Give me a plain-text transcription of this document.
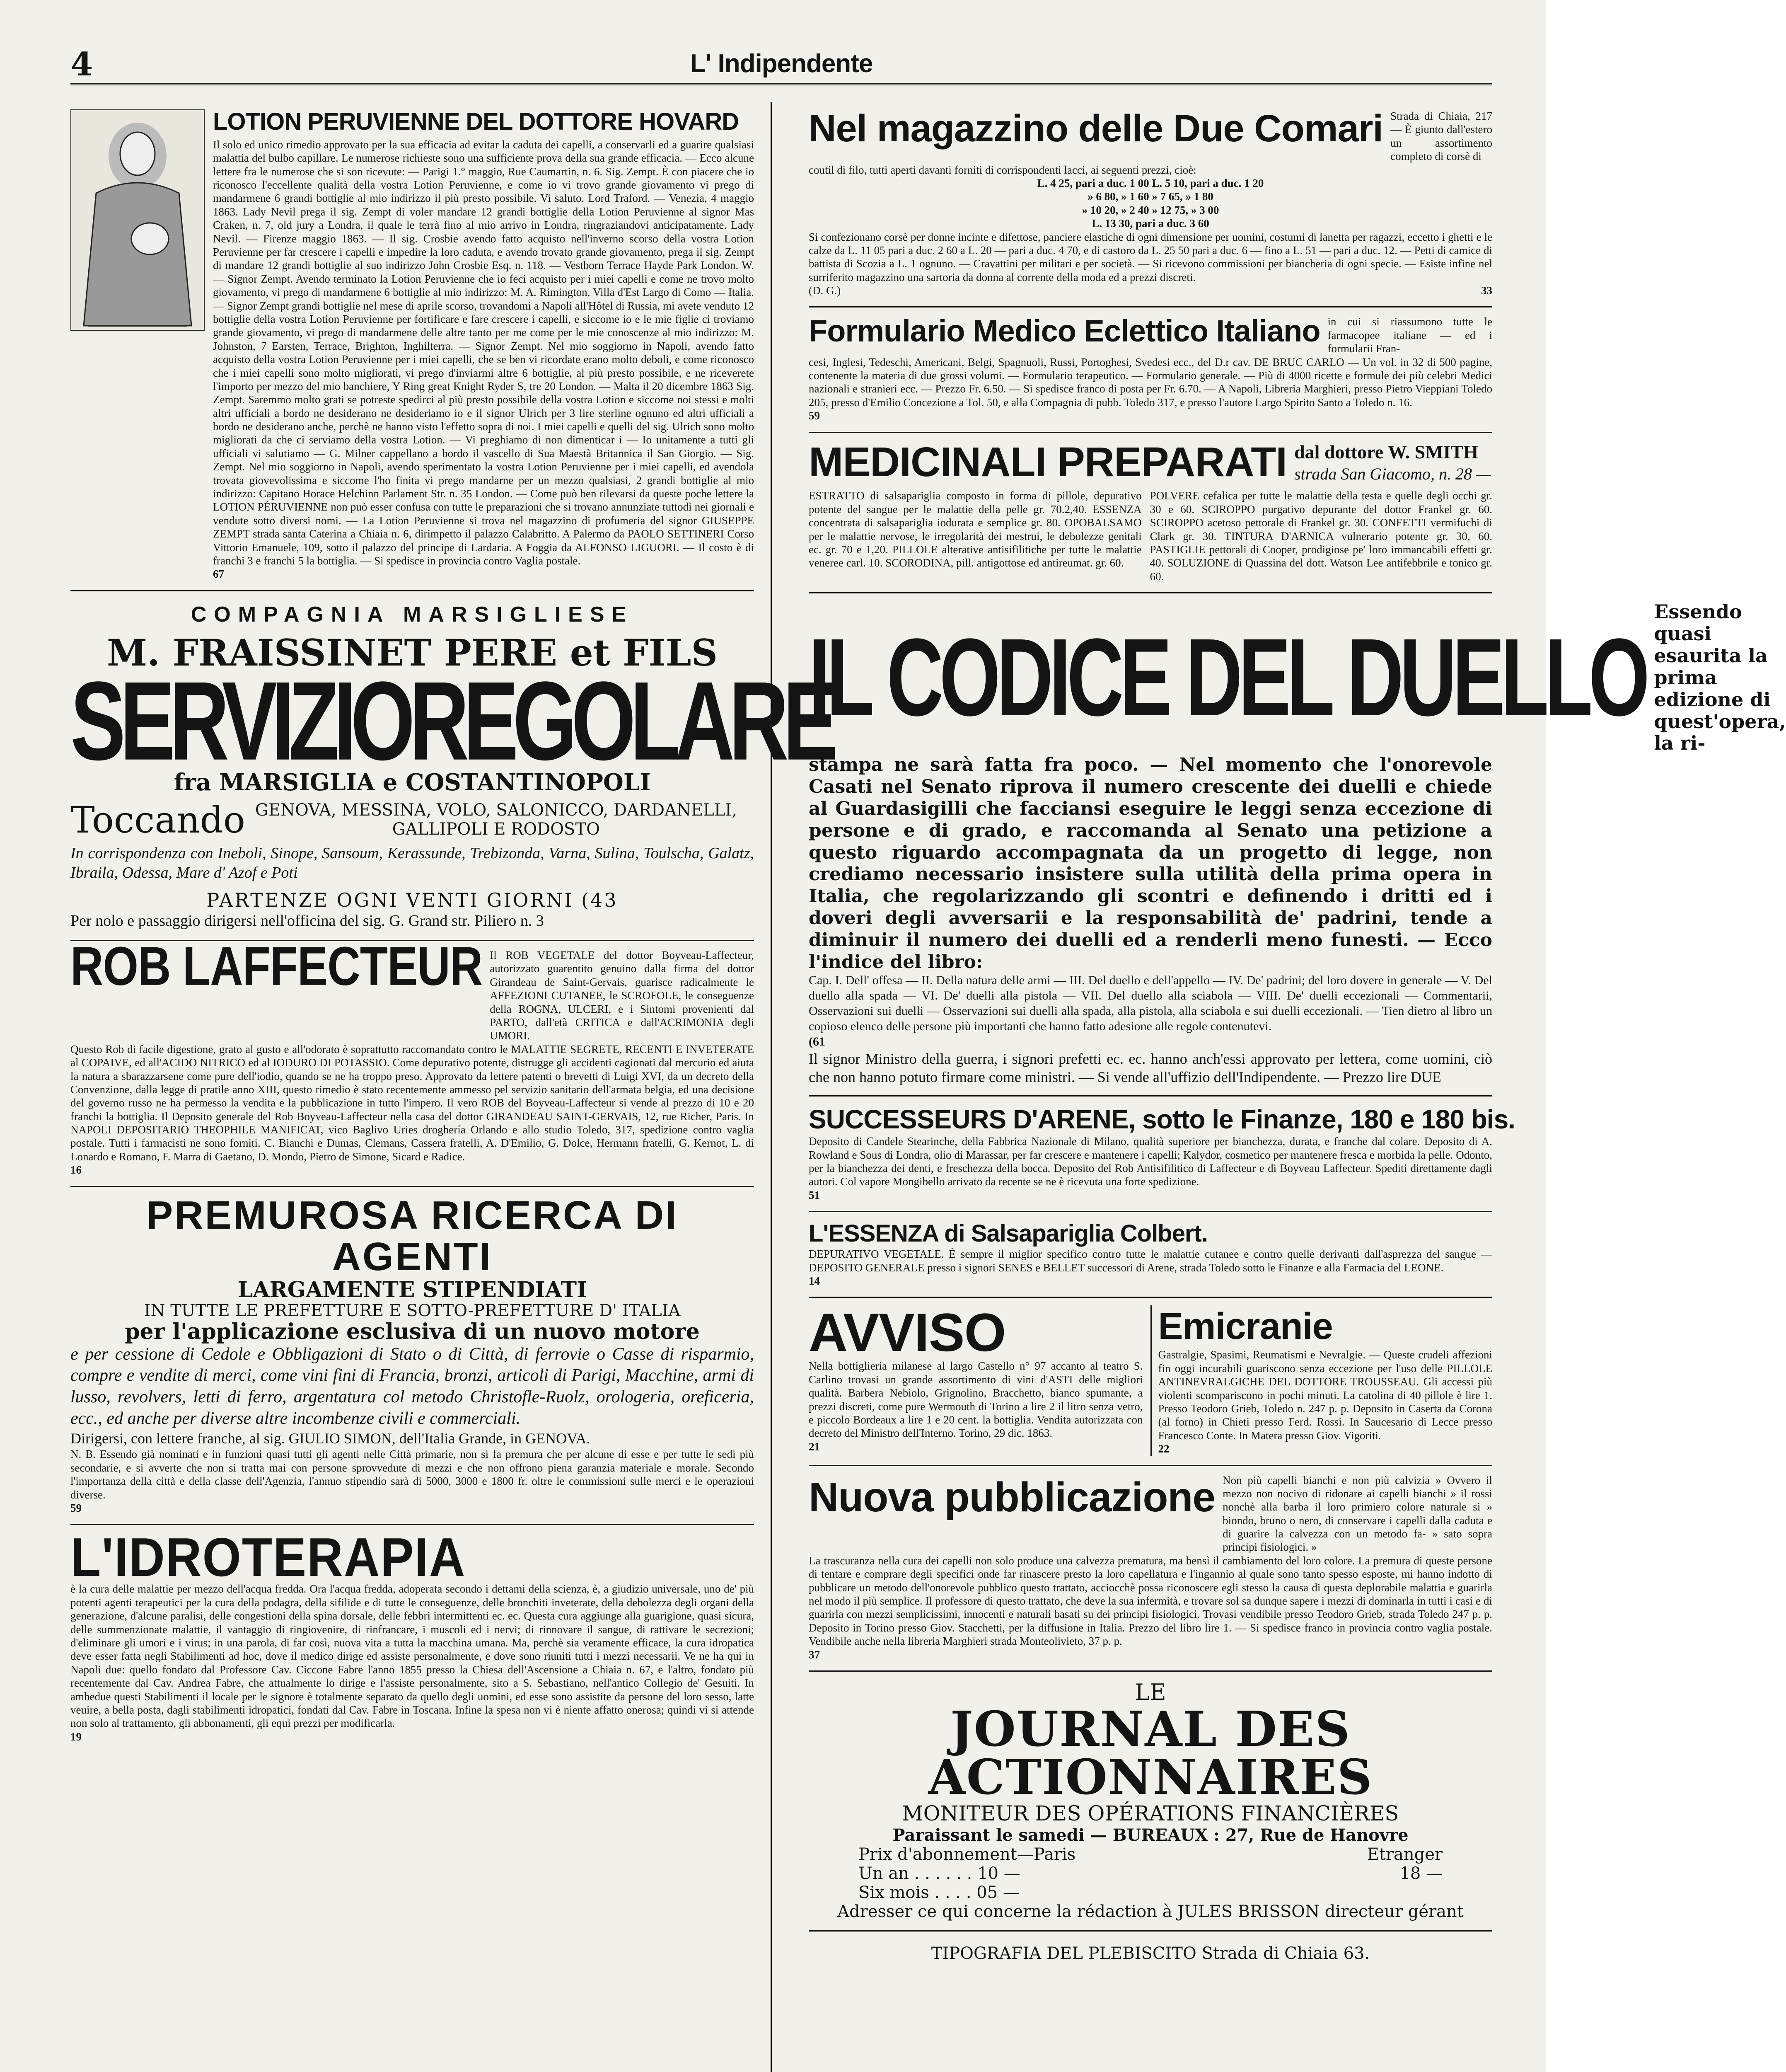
4	L' Indipendente
LOTION PERUVIENNE DEL DOTTORE HOVARD

Il solo ed unico rimedio approvato per la sua efficacia ad evitar la caduta dei capelli, a conservarli ed a guarire qualsiasi malattia del bulbo capillare. Le numerose richieste sono una sufficiente prova della sua grande efficacia. — Ecco alcune lettere fra le numerose che si son ricevute: — Parigi 1.° maggio, Rue Caumartin, n. 6. Sig. Zempt. È con piacere che io riconosco l'eccellente qualità della vostra Lotion Peruvienne, e come io vi trovo grande giovamento vi prego di mandarmene 6 grandi bottiglie al mio indirizzo il più presto possibile. Vi saluto. Lord Traford. — Venezia, 4 maggio 1863. Lady Nevil prega il sig. Zempt di voler mandare 12 grandi bottiglie della Lotion Peruvienne al signor Mas Craken, n. 7, old jury a Londra, il quale le terrà fino al mio arrivo in Londra, ringraziandovi anticipatamente. Lady Nevil. — Firenze maggio 1863. — Il sig. Crosbie avendo fatto acquisto nell'inverno scorso della vostra Lotion Peruvienne per far crescere i capelli e impedire la loro caduta, e avendo trovato grande giovamento, prega il sig. Zempt di mandare 12 grandi bottiglie al suo indirizzo John Crosbie Esq. n. 118. — Vestborn Terrace Hayde Park London. W. — Signor Zempt. Avendo terminato la Lotion Peruvienne che io feci acquisto per i miei capelli e come ne trovo molto giovamento, vi prego di mandarmene 6 bottiglie al mio indirizzo: M. A. Rimington, Villa d'Est Largo di Como — Italia. — Signor Zempt grandi bottiglie nel mese di aprile scorso, trovandomi a Napoli all'Hôtel di Russia, mi avete venduto 12 bottiglie della vostra Lotion Peruvienne per fortificare e fare crescere i capelli, e siccome io e le mie figlie ci troviamo grande giovamento, vi prego di mandarmene delle altre tanto per me come per le mie conoscenze al mio indirizzo: M. Johnston, 7 Earsten, Terrace, Brighton, Inghilterra. — Signor Zempt. Nel mio soggiorno in Napoli, avendo fatto acquisto della vostra Lotion Peruvienne per i miei capelli, che se ben vi ricordate erano molto deboli, e come riconosco che i miei capelli sono molto migliorati, vi prego d'inviarmi altre 6 bottiglie, al più presto possibile, e ne riceverete l'importo per mezzo del mio banchiere, Y Ring great Knight Ryder S, tre 20 London. — Malta il 20 dicembre 1863 Sig. Zempt. Saremmo molto grati se potreste spedirci al più presto possibile della vostra Lotion e siccome noi stessi e molti altri ufficiali a bordo ne desiderano ne desideriamo io e il signor Ulrich per 3 lire sterline ognuno ed altri ufficiali a bordo ne desiderano anche, perchè ne hanno visto l'effetto sopra di noi. I miei capelli e quelli del sig. Ulrich sono molto migliorati da che ci serviamo della vostra Lotion. — Vi preghiamo di non dimenticar i — Io unitamente a tutti gli ufficiali vi salutiamo — G. Milner cappellano a bordo il vascello di Sua Maestà Britannica il San Giorgio. — Sig. Zempt. Nel mio soggiorno in Napoli, avendo sperimentato la vostra Lotion Peruvienne per i miei capelli, ed avendola trovata giovevolissima e siccome l'ho finita vi prego mandarne per un mezzo qualsiasi, 2 grandi bottiglie al mio indirizzo: Capitano Horace Helchinn Parlament Str. n. 35 London. — Come può ben rilevarsi da queste poche lettere la LOTION PÉRUVIENNE non può esser confusa con tutte le preparazioni che si trovano annunziate tuttodì nei giornali e vendute sotto diversi nomi. — La Lotion Peruvienne si trova nel magazzino di profumeria del signor GIUSEPPE ZEMPT strada santa Caterina a Chiaia n. 6, dirimpetto il palazzo Calabritto. A Palermo da PAOLO SETTINERI Corso Vittorio Emanuele, 109, sotto il palazzo del principe di Lardaria. A Foggia da ALFONSO LIGUORI. — Il costo è di franchi 3 e franchi 5 la bottiglia. — Si spedisce in provincia contro Vaglia postale.

67
COMPAGNIA MARSIGLIESE
M. FRAISSINET PERE et FILS
SERVIZIO REGOLARE
fra MARSIGLIA e COSTANTINOPOLI
Toccando GENOVA, MESSINA, VOLO, SALONICCO, DARDANELLI,
GALLIPOLI E RODOSTO

In corrispondenza con Ineboli, Sinope, Sansoum, Kerassunde, Trebizonda, Varna, Sulina, Toulscha, Galatz, Ibraila, Odessa, Mare d' Azof e Poti

PARTENZE OGNI VENTI GIORNI (43

Per nolo e passaggio dirigersi nell'officina del sig. G. Grand str. Piliero n. 3

ROB LAFFECTEUR Il ROB VEGETALE del dottor Boyveau-Laffecteur, autorizzato guarentito genuino dalla firma del dottor Girandeau de Saint-Gervais, guarisce radicalmente le AFFEZIONI CUTANEE, le SCROFOLE, le conseguenze della ROGNA, ULCERI, e i Sintomi provenienti dal PARTO, dall'età CRITICA e dall'ACRIMONIA degli UMORI.

Questo Rob di facile digestione, grato al gusto e all'odorato è soprattutto raccomandato contro le MALATTIE SEGRETE, RECENTI E INVETERATE al COPAIVE, ed all'ACIDO NITRICO ed al IODURO DI POTASSIO. Come depurativo potente, distrugge gli accidenti cagionati dal mercurio ed aiuta la natura a sbarazzarsene come pure dell'iodio, quando se ne ha troppo preso. Approvato da lettere patenti o brevetti di Luigi XVI, da un decreto della Convenzione, dalla legge di pratile anno XIII, questo rimedio è stato recentemente ammesso pel servizio sanitario dell'armata belgia, ed una decisione del governo russo ne ha permesso la vendita e la pubblicazione in tutto l'impero. Il vero ROB del Boyveau-Laffecteur si vende al prezzo di 10 e 20 franchi la bottiglia. Il Deposito generale del Rob Boyveau-Laffecteur nella casa del dottor GIRANDEAU SAINT-GERVAIS, 12, rue Richer, Paris. In NAPOLI DEPOSITARIO THEOPHILE MANIFICAT, vico Baglivo Uries droghería Orlando e allo studio Toledo, 317, spedizione contro vaglia postale. Tutti i farmacisti ne sono forniti. C. Bianchi e Dumas, Clemans, Cassera fratelli, A. D'Emilio, G. Dolce, Hermann fratelli, G. Kernot, L. di Lonardo e Romano, F. Marra di Gaetano, D. Mondo, Pietro de Simone, Sicard e Radice.

16
PREMUROSA RICERCA DI AGENTI
LARGAMENTE STIPENDIATI
IN TUTTE LE PREFETTURE E SOTTO-PREFETTURE D' ITALIA
per l'applicazione esclusiva di un nuovo motore

e per cessione di Cedole e Obbligazioni di Stato o di Città, di ferrovie o Casse di risparmio, compre e vendite di merci, come vini fini di Francia, bronzi, articoli di Parigi, Macchine, armi di lusso, revolvers, letti di ferro, argentatura col metodo Christofle-Ruolz, orologeria, oreficeria, ecc., ed anche per diverse altre incombenze civili e commerciali.

Dirigersi, con lettere franche, al sig. GIULIO SIMON, dell'Italia Grande, in GENOVA.

N. B. Essendo già nominati e in funzioni quasi tutti gli agenti nelle Città primarie, non si fa premura che per alcune di esse e per tutte le sedi più secondarie, e si avverte che non si tratta mai con persone sprovvedute di mezzi e che non offrono piena garanzia materiale e morale. Secondo l'importanza della città e della classe dell'Agenzia, l'annuo stipendio sarà di 5000, 3000 e 1800 fr. oltre le commissioni sulle merci e le operazioni diverse.

59
L'IDROTERAPIA

è la cura delle malattie per mezzo dell'acqua fredda. Ora l'acqua fredda, adoperata secondo i dettami della scienza, è, a giudizio universale, uno de' più potenti agenti terapeutici per la cura della podagra, della sifilide e di tutte le conseguenze, delle bronchiti inveterate, della debolezza degli organi della generazione, d'alcune paralisi, delle congestioni della spina dorsale, delle febbri intermittenti ec. ec. Questa cura aggiunge alla guarigione, quasi sicura, delle summenzionate malattie, il vantaggio di ringiovenire, di rinfrancare, i muscoli ed i nervi; di rinnovare il sangue, di rattivare le secrezioni; d'eliminare gli umori e i virus; in una parola, di far così, nuova vita a tutta la macchina umana. Ma, perchè sia veramente efficace, la cura idropatica deve esser fatta negli Stabilimenti ad hoc, dove il medico dirige ed assiste personalmente, e dove sono riuniti tutti i mezzi necessarii. Ve ne ha qui in Napoli due: quello fondato dal Professore Cav. Ciccone Fabre l'anno 1855 presso la Chiesa dell'Ascensione a Chiaia n. 67, e l'altro, fondato più recentemente dal Cav. Andrea Fabre, che attualmente lo dirige e l'assiste personalmente, sito a S. Sebastiano, nell'antico Collegio de' Gesuiti. In ambedue questi Stabilimenti il locale per le signore è totalmente separato da quello degli uomini, ed esse sono assistite da persone del loro sesso, latte veuire, a bella posta, dagli stabilimenti idropatici, fondati dal Cav. Fabre in Toscana. Infine la spesa non vi è niente affatto onerosa; quindi vi si attende non solo al trattamento, gli abbonamenti, gli equi prezzi per modificarla.

19
Nel magazzino delle Due Comari Strada di Chiaia, 217 — È giunto dall'estero un assortimento completo di corsè di

coutil di filo, tutti aperti davanti forniti di corrispondenti lacci, ai seguenti prezzi, cioè:

L. 4 25, pari a duc. 1 00 L. 5 10, pari a duc. 1 20
» 6 80, » 1 60 » 7 65, » 1 80
» 10 20, » 2 40 » 12 75, » 3 00
L. 13 30, pari a duc. 3 60

Si confezionano corsè per donne incinte e difettose, panciere elastiche di ogni dimensione per uomini, costumi di lanetta per ragazzi, eccetto i ghetti e le calze da L. 11 05 pari a duc. 2 60 a L. 20 — pari a duc. 4 70, e di castoro da L. 25 50 pari a duc. 6 — fino a L. 51 — pari a duc. 12. — Petti di camice di battista di Scozia a L. 1 ognuno. — Cravattini per militari e per società. — Si ricevono commissioni per biancheria di ogni specie. — Esiste infine nel surriferito magazzino una sartoria da donna al corrente della moda ed a prezzi discreti.

(D. G.)	33
Formulario Medico Eclettico Italiano in cui si riassumono tutte le farmacopee italiane — ed i formularii Fran-

cesi, Inglesi, Tedeschi, Americani, Belgi, Spagnuoli, Russi, Portoghesi, Svedesi ecc., del D.r cav. DE BRUC CARLO — Un vol. in 32 di 500 pagine, contenente la materia di due grossi volumi. — Formulario terapeutico. — Formulario generale. — Più di 4000 ricette e formule dei più celebri Medici nazionali e stranieri ecc. — Prezzo Fr. 6.50. — Si spedisce franco di posta per Fr. 6.70. — A Napoli, Libreria Marghieri, presso Pietro Vieppiani Toledo 205, presso d'Emilio Concezione a Tol. 50, e alla Compagnia di pubb. Toledo 317, e presso l'autore Largo Spirito Santo a Toledo n. 16.

59
MEDICINALI PREPARATI dal dottore W. SMITH
strada San Giacomo, n. 28 —

ESTRATTO di salsapariglia composto in forma di pillole, depurativo potente del sangue per le malattie della pelle gr. 70.2,40. ESSENZA concentrata di salsapariglia iodurata e semplice gr. 80. OPOBALSAMO per le malattie nervose, le irregolarità dei mestrui, le debolezze genitali ec. gr. 70 e 1,20. PILLOLE alterative antisifilitiche per tutte le malattie veneree carl. 10. SCORODINA, pill. antigottose ed antireumat. gr. 60.

POLVERE cefalica per tutte le malattie della testa e quelle degli occhi gr. 30 e 60. SCIROPPO purgativo depurante del dottor Frankel gr. 60. SCIROPPO acetoso pettorale di Frankel gr. 30. CONFETTI vermifuchi di Clark gr. 30. TINTURA D'ARNICA vulnerario potente gr. 30, 60. PASTIGLIE pettorali di Cooper, prodigiose pe' loro immancabili effetti gr. 40. SOLUZIONE di Quassina del dott. Watson Lee antifebbrile e tonico gr. 60.

IL CODICE DEL DUELLO
Essendo quasi esaurita la prima edizione di quest'opera, la ri-

stampa ne sarà fatta fra poco. — Nel momento che l'onorevole Casati nel Senato riprova il numero crescente dei duelli e chiede al Guardasigilli che facciansi eseguire le leggi senza eccezione di persone e di grado, e raccomanda al Senato una petizione a questo riguardo accompagnata da un progetto di legge, non crediamo necessario insistere sulla utilità della prima opera in Italia, che regolarizzando gli scontri e definendo i dritti ed i doveri degli avversarii e la responsabilità de' padrini, tende a diminuir il numero dei duelli ed a renderli meno funesti. — Ecco l'indice del libro:

Cap. I. Dell' offesa — II. Della natura delle armi — III. Del duello e dell'appello — IV. De' padrini; del loro dovere in generale — V. Del duello alla spada — VI. De' duelli alla pistola — VII. Del duello alla sciabola — VIII. De' duelli eccezionali — Commentarii, Osservazioni sui duelli — Osservazioni sui duelli alla spada, alla pistola, alla sciabola e sui duelli eccezionali. — Tien dietro al libro un copioso elenco delle persone più importanti che hanno fatto adesione alle regole contenutevi.

(61

Il signor Ministro della guerra, i signori prefetti ec. ec. hanno anch'essi approvato per lettera, come uomini, ciò che non hanno potuto firmare come ministri. — Si vende all'uffizio dell'Indipendente. — Prezzo lire DUE

SUCCESSEURS D'ARENE, sotto le Finanze, 180 e 180 bis.

Deposito di Candele Stearinche, della Fabbrica Nazionale di Milano, qualità superiore per bianchezza, durata, e franche dal colare. Deposito di A. Rowland e Sous di Londra, olio di Marassar, per far crescere e mantenere i capelli; Kalydor, cosmetico per mantenere fresca e morbida la pelle. Odonto, per la bianchezza dei denti, e freschezza della bocca. Deposito del Rob Antisifilitico di Laffecteur e di Boyveau Laffecteur. Spediti direttamente dagli autori. Col vapore Mongibello arrivato da recente se ne è ricevuta una forte spedizione.

51
L'ESSENZA di Salsapariglia Colbert.

DEPURATIVO VEGETALE. È sempre il miglior specifico contro tutte le malattie cutanee e contro quelle derivanti dall'asprezza del sangue — DEPOSITO GENERALE presso i signori SENES e BELLET successori di Arene, strada Toledo sotto le Finanze e alla Farmacia del LEONE.

14
AVVISO

Nella bottiglieria milanese al largo Castello n° 97 accanto al teatro S. Carlino trovasi un grande assortimento di vini d'ASTI delle migliori qualità. Barbera Nebiolo, Grignolino, Bracchetto, bianco spumante, a prezzi discreti, come pure Wermouth di Torino a lire 2 il litro senza vetro, e piccolo Bordeaux a lire 1 e 20 cent. la bottiglia. Vendita autorizzata con decreto del Ministro dell'Interno. Torino, 29 dic. 1863.

21
Emicranie

Gastralgie, Spasimi, Reumatismi e Nevralgie. — Queste crudeli affezioni fin oggi incurabili guariscono senza eccezione per l'uso delle PILLOLE ANTINEVRALGICHE DEL DOTTORE TROUSSEAU. Gli accessi più violenti scompariscono in pochi minuti. La catolina di 40 pillole è lire 1. Presso Teodoro Grieb, Toledo n. 247 p. p. Deposito in Caserta da Corona (al forno) in Chieti presso Ferd. Rossi. In Saucesario di Lecce presso Francesco Conte. In Matera presso Giov. Vigoriti.

22
Nuova pubblicazione Non più capelli bianchi e non più calvizia » Ovvero il mezzo non nocivo di ridonare ai capelli bianchi » il rossi nonchè alla barba il loro primiero colore naturale si » biondo, bruno o nero, di conservare i capelli dalla caduta e di guarire la calvezza con un metodo fa- » sato sopra principi fisiologici. »

La trascuranza nella cura dei capelli non solo produce una calvezza prematura, ma bensì il cambiamento del loro colore. La premura di queste persone di tentare e comprare degli specifici onde far rinascere presto la loro capellatura e l'ingannio al quale sono tanto spesso esposte, mi hanno indotto di pubblicare un metodo dell'onorevole pubblico questo trattato, acciocchè possa riconoscere egli stesso la causa di questa deplorabile malattia e guarirla nel modo il più semplice. Il professore di questo trattato, che deve la sua infermità, e trovare sol sa dunque sapere i mezzi di dominarla in tutti i casi e di guarirla con mezzi semplicissimi, innocenti e naturali basati su dei principi fisiologici. Trovasi vendibile presso Teodoro Grieb, strada Toledo 247 p. p. Deposito in Torino presso Giov. Stacchetti, per la diffusione in Italia. Prezzo del libro lire 1. — Si spedisce franco in provincia contro vaglia postale. Vendibile anche nella libreria Marghieri strada Monteolivieto, 37 p. p.

37
LE
JOURNAL DES ACTIONNAIRES
MONITEUR DES OPÉRATIONS FINANCIÈRES
Paraissant le samedi — BUREAUX : 27, Rue de Hanovre
Prix d'abonnement—Paris	Etranger
Un an . . . . . . 10 —	18 —
Six mois . . . . 05 —
Adresser ce qui concerne la rédaction à JULES BRISSON directeur gérant
TIPOGRAFIA DEL PLEBISCITO Strada di Chiaia 63.
